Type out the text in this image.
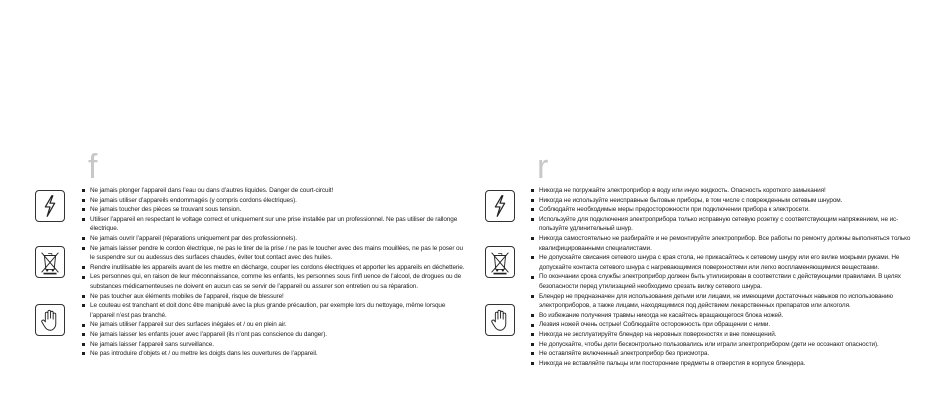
f
Ne jamais plonger l’appareil dans l’eau ou dans d’autres liquides. Danger de court-circuit!
Ne jamais utiliser d’appareils endommagés (y compris cordons électriques).
Ne jamais toucher des pièces se trouvant sous tension.
Utiliser l’appareil en respectant le voltage correct et uniquement sur une prise installée par un professionnel. Ne pas utiliser de rallonge électrique.
Ne jamais ouvrir l’appareil (réparations uniquement par des professionnels).
Ne jamais laisser pendre le cordon électrique, ne pas le tirer de la prise / ne pas le toucher avec des mains mouillées, ne pas le poser ou le suspendre sur ou audessus des surfaces chaudes, éviter tout contact avec des huiles.
Rendre inutilisable les appareils avant de les mettre en décharge, couper les cordons électriques et apporter les appareils en déchetterie.
Les personnes qui, en raison de leur méconnaissance, comme les enfants, les personnes sous l’infl uence de l’alcool, de drogues ou de substances médicamenteuses ne doivent en aucun cas se servir de l’appareil ou assurer son entretien ou sa réparation.
Ne pas toucher aux éléments mobiles de l’appareil, risque de blessure!
Le couteau est tranchant et doit donc être manipulé avec la plus grande précaution, par exemple lors du nettoyage, même lorsque l’appareil n’est pas branché.
Ne jamais utiliser l’appareil sur des surfaces inégales et / ou en plein air.
Ne jamais laisser les enfants jouer avec l’appareil (ils n’ont pas conscience du danger).
Ne jamais laisser l’appareil sans surveillance.
Ne pas introduire d’objets et / ou mettre les doigts dans les ouvertures de l’appareil.
r
Никогда не погружайте электроприбор в воду или иную жидкость. Опасность короткого замыкания!
Никогда не используйте неисправные бытовые приборы, в том числе с поврежденным сетевым шнуром.
Соблюдайте необходимые меры предосторожности при подключении прибора к электросети.
Используйте для подключения электроприбора только исправную сетевую розетку с соответствующим напряжением, не ис-пользуйте удлинительный шнур.
Никогда самостоятельно не разбирайте и не ремонтируйте электроприбор. Все работы по ремонту должны выполняться только квалифицированными специалистами.
Не допускайте свисания сетевого шнура с края стола, не прикасайтесь к сетевому шнуру или его вилке мокрыми руками. Не допускайте контакта сетевого шнура с нагревающимися поверхностями или легко воспламеняющимися веществами.
По окончании срока службы электроприбор должен быть утилизирован в соответствии с действующими правилами. В целях безопасности перед утилизацией необходимо срезать вилку сетевого шнура.
Блендер не предназначен для использования детьми или лицами, не имеющими достаточных навыков по использованию электроприборов, а также лицами, находящимися под действием лекарственных препаратов или алкоголя.
Во избежание получения травмы никогда не касайтесь вращающегося блока ножей.
Лезвия ножей очень острые! Соблюдайте осторожность при обращении с ними.
Никогда не эксплуатируйте блендер на неровных поверхностях и вне помещений.
Не допускайте, чтобы дети бесконтрольно пользовались или играли электроприбором (дети не осознают опасности).
Не оставляйте включенный электроприбор без присмотра.
Никогда не вставляйте пальцы или посторонние предметы в отверстия в корпусе блендера.
